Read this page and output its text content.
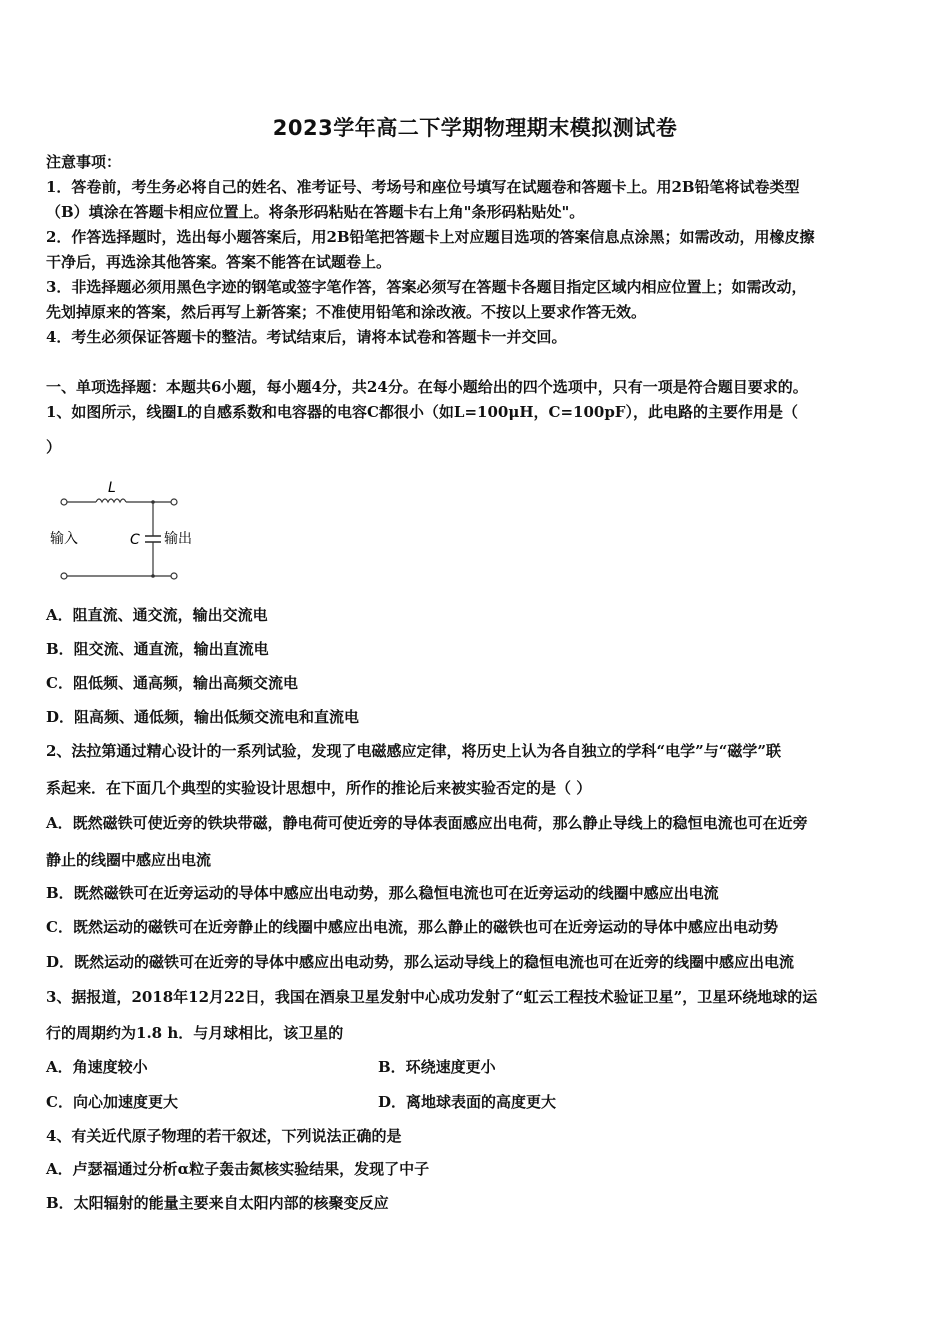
2023学年高二下学期物理期末模拟测试卷
注意事项：
1．答卷前，考生务必将自己的姓名、准考证号、考场号和座位号填写在试题卷和答题卡上。用2B铅笔将试卷类型
（B）填涂在答题卡相应位置上。将条形码粘贴在答题卡右上角"条形码粘贴处"。
2．作答选择题时，选出每小题答案后，用2B铅笔把答题卡上对应题目选项的答案信息点涂黑；如需改动，用橡皮擦
干净后，再选涂其他答案。答案不能答在试题卷上。
3．非选择题必须用黑色字迹的钢笔或签字笔作答，答案必须写在答题卡各题目指定区域内相应位置上；如需改动，
先划掉原来的答案，然后再写上新答案；不准使用铅笔和涂改液。不按以上要求作答无效。
4．考生必须保证答题卡的整洁。考试结束后，请将本试卷和答题卡一并交回。
一、单项选择题：本题共6小题，每小题4分，共24分。在每小题给出的四个选项中，只有一项是符合题目要求的。
1、如图所示，线圈L的自感系数和电容器的电容C都很小（如L=100μH，C=100pF），此电路的主要作用是（
）
L
C
输入	输出
A．阻直流、通交流，输出交流电
B．阻交流、通直流，输出直流电
C．阻低频、通高频，输出高频交流电
D．阻高频、通低频，输出低频交流电和直流电
2、法拉第通过精心设计的一系列试验，发现了电磁感应定律，将历史上认为各自独立的学科“电学”与“磁学”联
系起来．在下面几个典型的实验设计思想中，所作的推论后来被实验否定的是（ ）
A．既然磁铁可使近旁的铁块带磁，静电荷可使近旁的导体表面感应出电荷，那么静止导线上的稳恒电流也可在近旁
静止的线圈中感应出电流
B．既然磁铁可在近旁运动的导体中感应出电动势，那么稳恒电流也可在近旁运动的线圈中感应出电流
C．既然运动的磁铁可在近旁静止的线圈中感应出电流，那么静止的磁铁也可在近旁运动的导体中感应出电动势
D．既然运动的磁铁可在近旁的导体中感应出电动势，那么运动导线上的稳恒电流也可在近旁的线圈中感应出电流
3、据报道，2018年12月22日，我国在酒泉卫星发射中心成功发射了“虹云工程技术验证卫星”，卫星环绕地球的运
行的周期约为1.8 h．与月球相比，该卫星的
A．角速度较小	B．环绕速度更小
C．向心加速度更大	D．离地球表面的高度更大
4、有关近代原子物理的若干叙述，下列说法正确的是
A．卢瑟福通过分析α粒子轰击氮核实验结果，发现了中子
B．太阳辐射的能量主要来自太阳内部的核聚变反应
